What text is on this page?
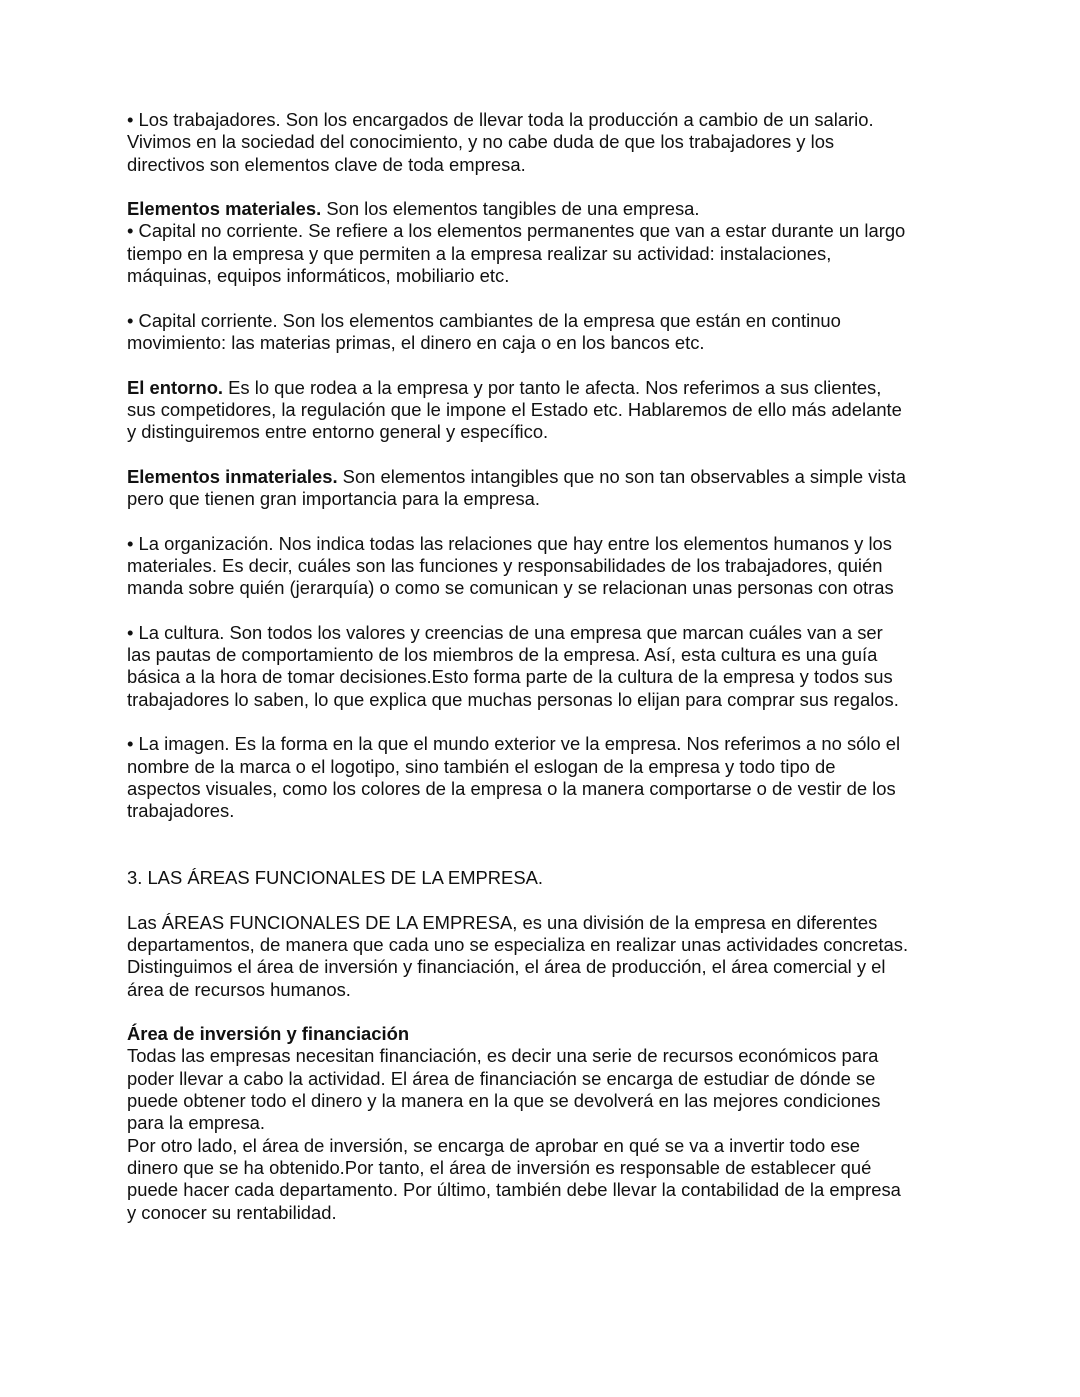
• Los trabajadores. Son los encargados de llevar toda la producción a cambio de un salario.
Vivimos en la sociedad del conocimiento, y no cabe duda de que los trabajadores y los
directivos son elementos clave de toda empresa.
Elementos materiales. Son los elementos tangibles de una empresa.
• Capital no corriente. Se refiere a los elementos permanentes que van a estar durante un largo
tiempo en la empresa y que permiten a la empresa realizar su actividad: instalaciones,
máquinas, equipos informáticos, mobiliario etc.
• Capital corriente. Son los elementos cambiantes de la empresa que están en continuo
movimiento: las materias primas, el dinero en caja o en los bancos etc.
El entorno. Es lo que rodea a la empresa y por tanto le afecta. Nos referimos a sus clientes,
sus competidores, la regulación que le impone el Estado etc. Hablaremos de ello más adelante
y distinguiremos entre entorno general y específico.
Elementos inmateriales. Son elementos intangibles que no son tan observables a simple vista
pero que tienen gran importancia para la empresa.
• La organización. Nos indica todas las relaciones que hay entre los elementos humanos y los
materiales. Es decir, cuáles son las funciones y responsabilidades de los trabajadores, quién
manda sobre quién (jerarquía) o como se comunican y se relacionan unas personas con otras
• La cultura. Son todos los valores y creencias de una empresa que marcan cuáles van a ser
las pautas de comportamiento de los miembros de la empresa. Así, esta cultura es una guía
básica a la hora de tomar decisiones.Esto forma parte de la cultura de la empresa y todos sus
trabajadores lo saben, lo que explica que muchas personas lo elijan para comprar sus regalos.
• La imagen. Es la forma en la que el mundo exterior ve la empresa. Nos referimos a no sólo el
nombre de la marca o el logotipo, sino también el eslogan de la empresa y todo tipo de
aspectos visuales, como los colores de la empresa o la manera comportarse o de vestir de los
trabajadores.
3. LAS ÁREAS FUNCIONALES DE LA EMPRESA.
Las ÁREAS FUNCIONALES DE LA EMPRESA, es una división de la empresa en diferentes
departamentos, de manera que cada uno se especializa en realizar unas actividades concretas.
Distinguimos el área de inversión y financiación, el área de producción, el área comercial y el
área de recursos humanos.
Área de inversión y financiación
Todas las empresas necesitan financiación, es decir una serie de recursos económicos para
poder llevar a cabo la actividad. El área de financiación se encarga de estudiar de dónde se
puede obtener todo el dinero y la manera en la que se devolverá en las mejores condiciones
para la empresa.
Por otro lado, el área de inversión, se encarga de aprobar en qué se va a invertir todo ese
dinero que se ha obtenido.Por tanto, el área de inversión es responsable de establecer qué
puede hacer cada departamento. Por último, también debe llevar la contabilidad de la empresa
y conocer su rentabilidad.
